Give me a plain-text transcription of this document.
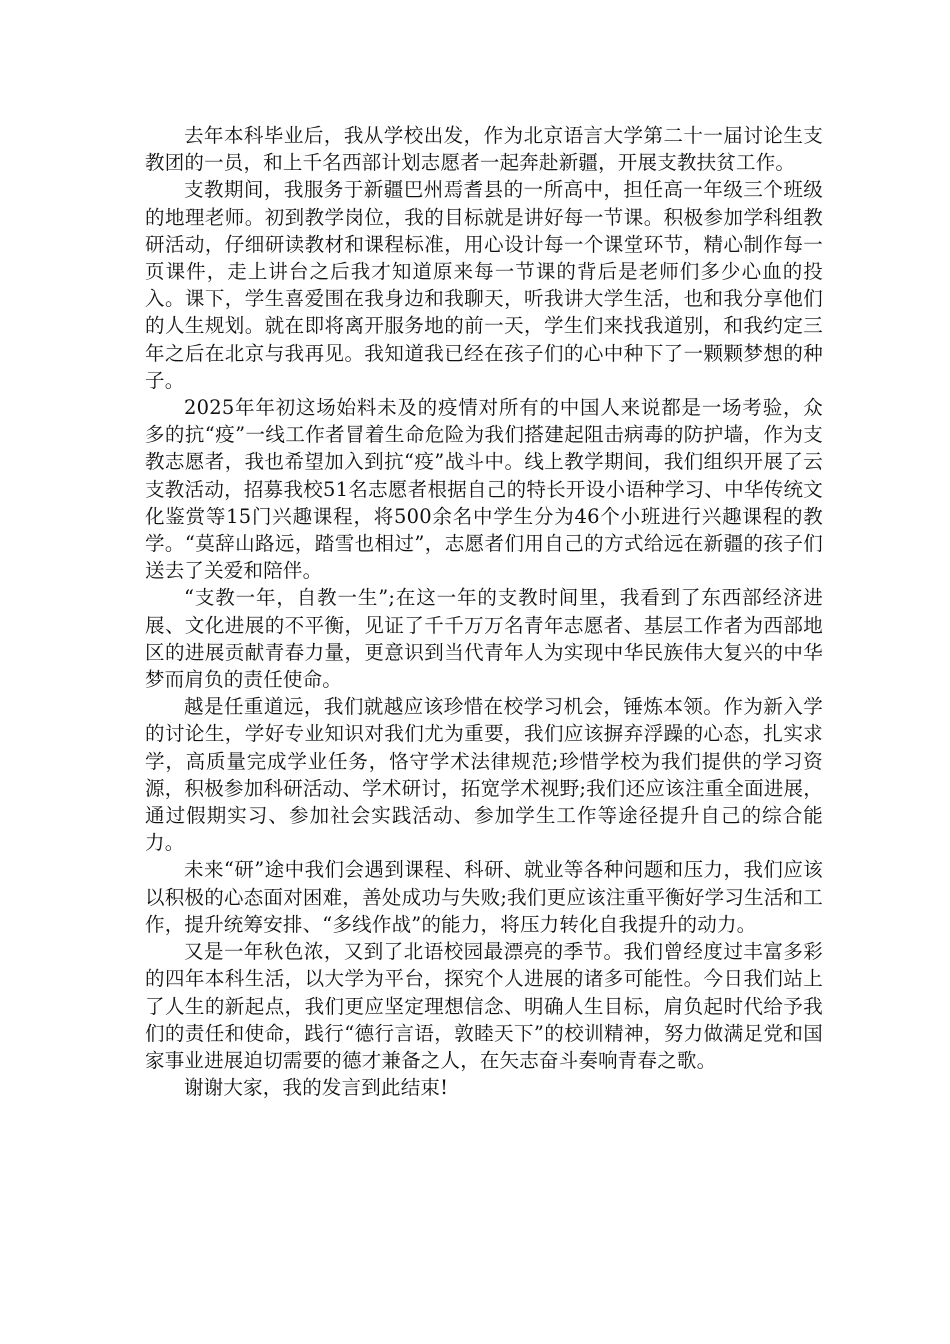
去年本科毕业后，我从学校出发，作为北京语言大学第二十一届讨论生支教团的一员，和上千名西部计划志愿者一起奔赴新疆，开展支教扶贫工作。

支教期间，我服务于新疆巴州焉耆县的一所高中，担任高一年级三个班级的地理老师。初到教学岗位，我的目标就是讲好每一节课。积极参加学科组教研活动，仔细研读教材和课程标准，用心设计每一个课堂环节，精心制作每一页课件，走上讲台之后我才知道原来每一节课的背后是老师们多少心血的投入。课下，学生喜爱围在我身边和我聊天，听我讲大学生活，也和我分享他们的人生规划。就在即将离开服务地的前一天，学生们来找我道别，和我约定三年之后在北京与我再见。我知道我已经在孩子们的心中种下了一颗颗梦想的种子。

2025年年初这场始料未及的疫情对所有的中国人来说都是一场考验，众多的抗“疫”一线工作者冒着生命危险为我们搭建起阻击病毒的防护墙，作为支教志愿者，我也希望加入到抗“疫”战斗中。线上教学期间，我们组织开展了云支教活动，招募我校51名志愿者根据自己的特长开设小语种学习、中华传统文化鉴赏等15门兴趣课程，将500余名中学生分为46个小班进行兴趣课程的教学。“莫辞山路远，踏雪也相过”，志愿者们用自己的方式给远在新疆的孩子们送去了关爱和陪伴。

“支教一年，自教一生”;在这一年的支教时间里，我看到了东西部经济进展、文化进展的不平衡，见证了千千万万名青年志愿者、基层工作者为西部地区的进展贡献青春力量，更意识到当代青年人为实现中华民族伟大复兴的中华梦而肩负的责任使命。

越是任重道远，我们就越应该珍惜在校学习机会，锤炼本领。作为新入学的讨论生，学好专业知识对我们尤为重要，我们应该摒弃浮躁的心态，扎实求学，高质量完成学业任务，恪守学术法律规范;珍惜学校为我们提供的学习资源，积极参加科研活动、学术研讨，拓宽学术视野;我们还应该注重全面进展，通过假期实习、参加社会实践活动、参加学生工作等途径提升自己的综合能力。

未来“研”途中我们会遇到课程、科研、就业等各种问题和压力，我们应该以积极的心态面对困难，善处成功与失败;我们更应该注重平衡好学习生活和工作，提升统筹安排、“多线作战”的能力，将压力转化自我提升的动力。

又是一年秋色浓，又到了北语校园最漂亮的季节。我们曾经度过丰富多彩的四年本科生活，以大学为平台，探究个人进展的诸多可能性。今日我们站上了人生的新起点，我们更应坚定理想信念、明确人生目标，肩负起时代给予我们的责任和使命，践行“德行言语，敦睦天下”的校训精神，努力做满足党和国家事业进展迫切需要的德才兼备之人，在矢志奋斗奏响青春之歌。

谢谢大家，我的发言到此结束!
